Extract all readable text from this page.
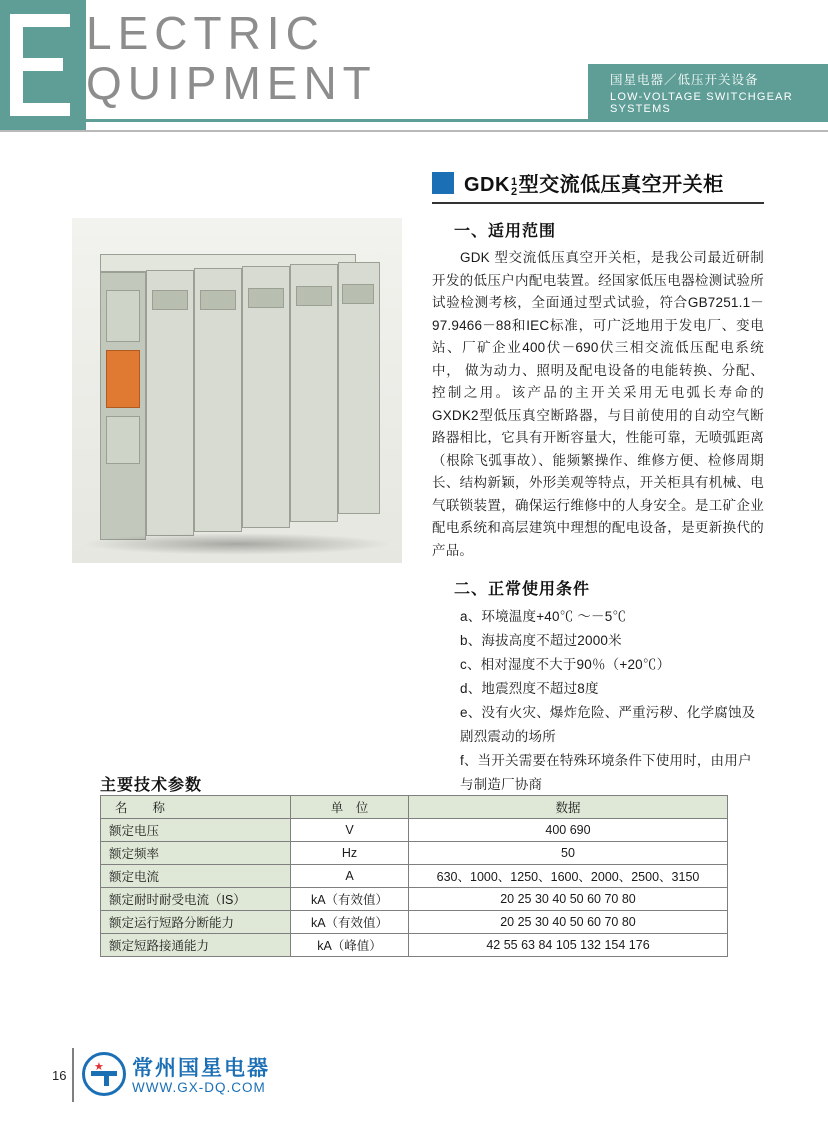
LECTRIC
QUIPMENT	国星电器／低压开关设备
LOW-VOLTAGE SWITCHGEAR SYSTEMS
GDK 1
2 型交流低压真空开关柜
一、适用范围

GDK 型交流低压真空开关柜，是我公司最近研制开发的低压户内配电装置。经国家低压电器检测试验所试验检测考核，全面通过型式试验，符合GB7251.1－97.9466－88和IEC标准，可广泛地用于发电厂、变电站、厂矿企业400伏－690伏三相交流低压配电系统中， 做为动力、照明及配电设备的电能转换、分配、控制之用。该产品的主开关采用无电弧长寿命的GXDK2型低压真空断路器，与目前使用的自动空气断路器相比，它具有开断容量大，性能可靠，无喷弧距离（根除飞弧事故）、能频繁操作、维修方便、检修周期长、结构新颖，外形美观等特点，开关柜具有机械、电气联锁装置，确保运行维修中的人身安全。是工矿企业配电系统和高层建筑中理想的配电设备，是更新换代的产品。

二、正常使用条件
a、环境温度+40℃ ～－5℃
b、海拔高度不超过2000米
c、相对湿度不大于90％（+20℃）
d、地震烈度不超过8度
e、没有火灾、爆炸危险、严重污秽、化学腐蚀及剧烈震动的场所
f、当开关需要在特殊环境条件下使用时，由用户与制造厂协商
主要技术参数
名　　称	单　位	数据
额定电压	V	400 690
额定频率	Hz	50
额定电流	A	630、1000、1250、1600、2000、2500、3150
额定耐时耐受电流（IS）	kA（有效值）	20 25 30 40 50 60 70 80
额定运行短路分断能力	kA（有效值）	20 25 30 40 50 60 70 80
额定短路接通能力	kA（峰值）	42 55 63 84 105 132 154 176
16
★ 常州国星电器
WWW.GX-DQ.COM
